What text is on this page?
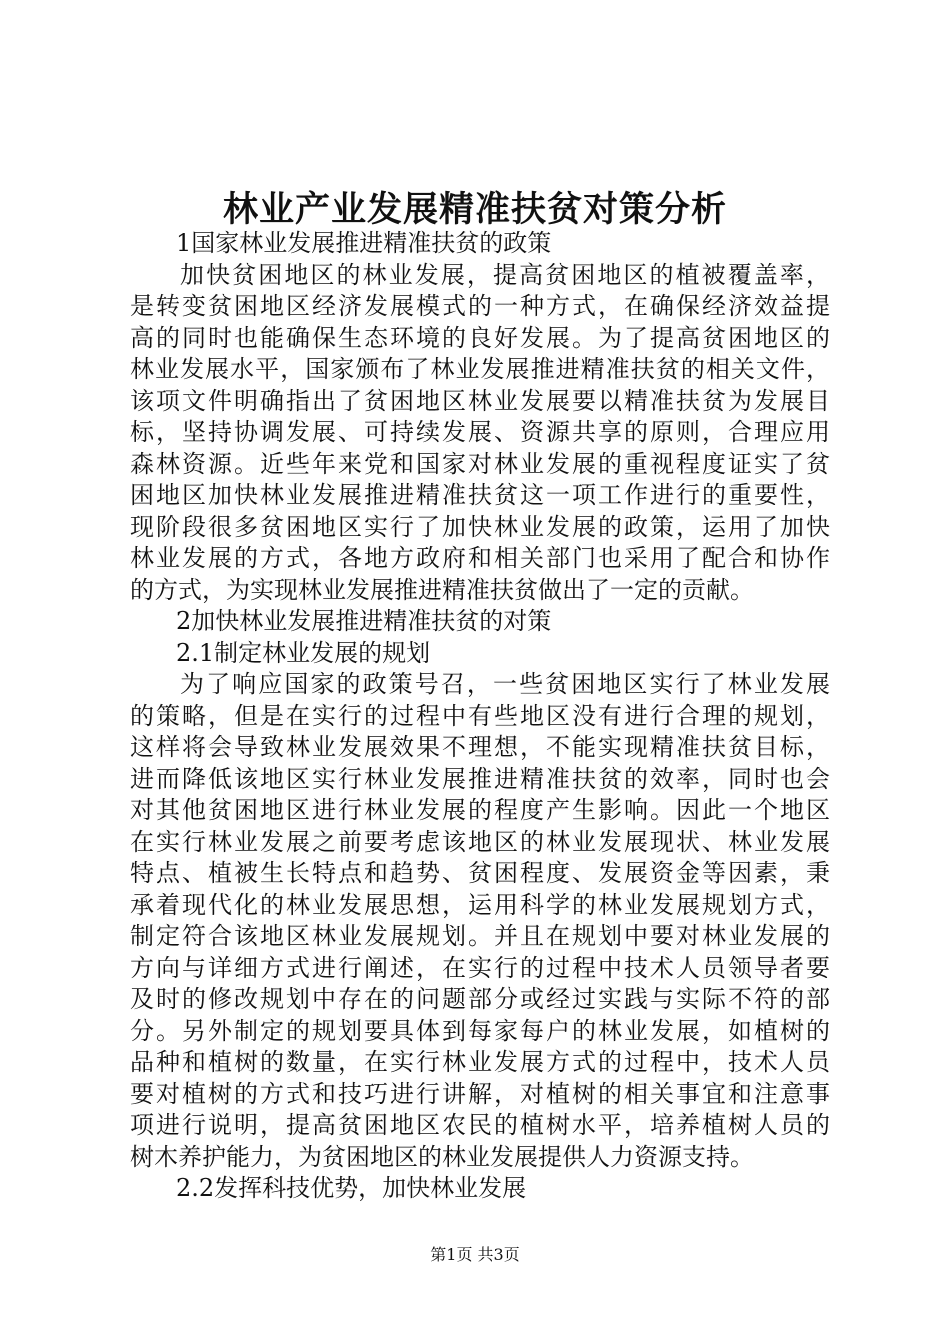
林业产业发展精准扶贫对策分析
1国家林业发展推进精准扶贫的政策
加快贫困地区的林业发展，提高贫困地区的植被覆盖率，
是转变贫困地区经济发展模式的一种方式，在确保经济效益提
高的同时也能确保生态环境的良好发展。为了提高贫困地区的
林业发展水平，国家颁布了林业发展推进精准扶贫的相关文件，
该项文件明确指出了贫困地区林业发展要以精准扶贫为发展目
标，坚持协调发展、可持续发展、资源共享的原则，合理应用
森林资源。近些年来党和国家对林业发展的重视程度证实了贫
困地区加快林业发展推进精准扶贫这一项工作进行的重要性，
现阶段很多贫困地区实行了加快林业发展的政策，运用了加快
林业发展的方式，各地方政府和相关部门也采用了配合和协作
的方式，为实现林业发展推进精准扶贫做出了一定的贡献。
2加快林业发展推进精准扶贫的对策
2.1制定林业发展的规划
为了响应国家的政策号召，一些贫困地区实行了林业发展
的策略，但是在实行的过程中有些地区没有进行合理的规划，
这样将会导致林业发展效果不理想，不能实现精准扶贫目标，
进而降低该地区实行林业发展推进精准扶贫的效率，同时也会
对其他贫困地区进行林业发展的程度产生影响。因此一个地区
在实行林业发展之前要考虑该地区的林业发展现状、林业发展
特点、植被生长特点和趋势、贫困程度、发展资金等因素，秉
承着现代化的林业发展思想，运用科学的林业发展规划方式，
制定符合该地区林业发展规划。并且在规划中要对林业发展的
方向与详细方式进行阐述，在实行的过程中技术人员领导者要
及时的修改规划中存在的问题部分或经过实践与实际不符的部
分。另外制定的规划要具体到每家每户的林业发展，如植树的
品种和植树的数量，在实行林业发展方式的过程中，技术人员
要对植树的方式和技巧进行讲解，对植树的相关事宜和注意事
项进行说明，提高贫困地区农民的植树水平，培养植树人员的
树木养护能力，为贫困地区的林业发展提供人力资源支持。
2.2发挥科技优势，加快林业发展
第1页 共3页
